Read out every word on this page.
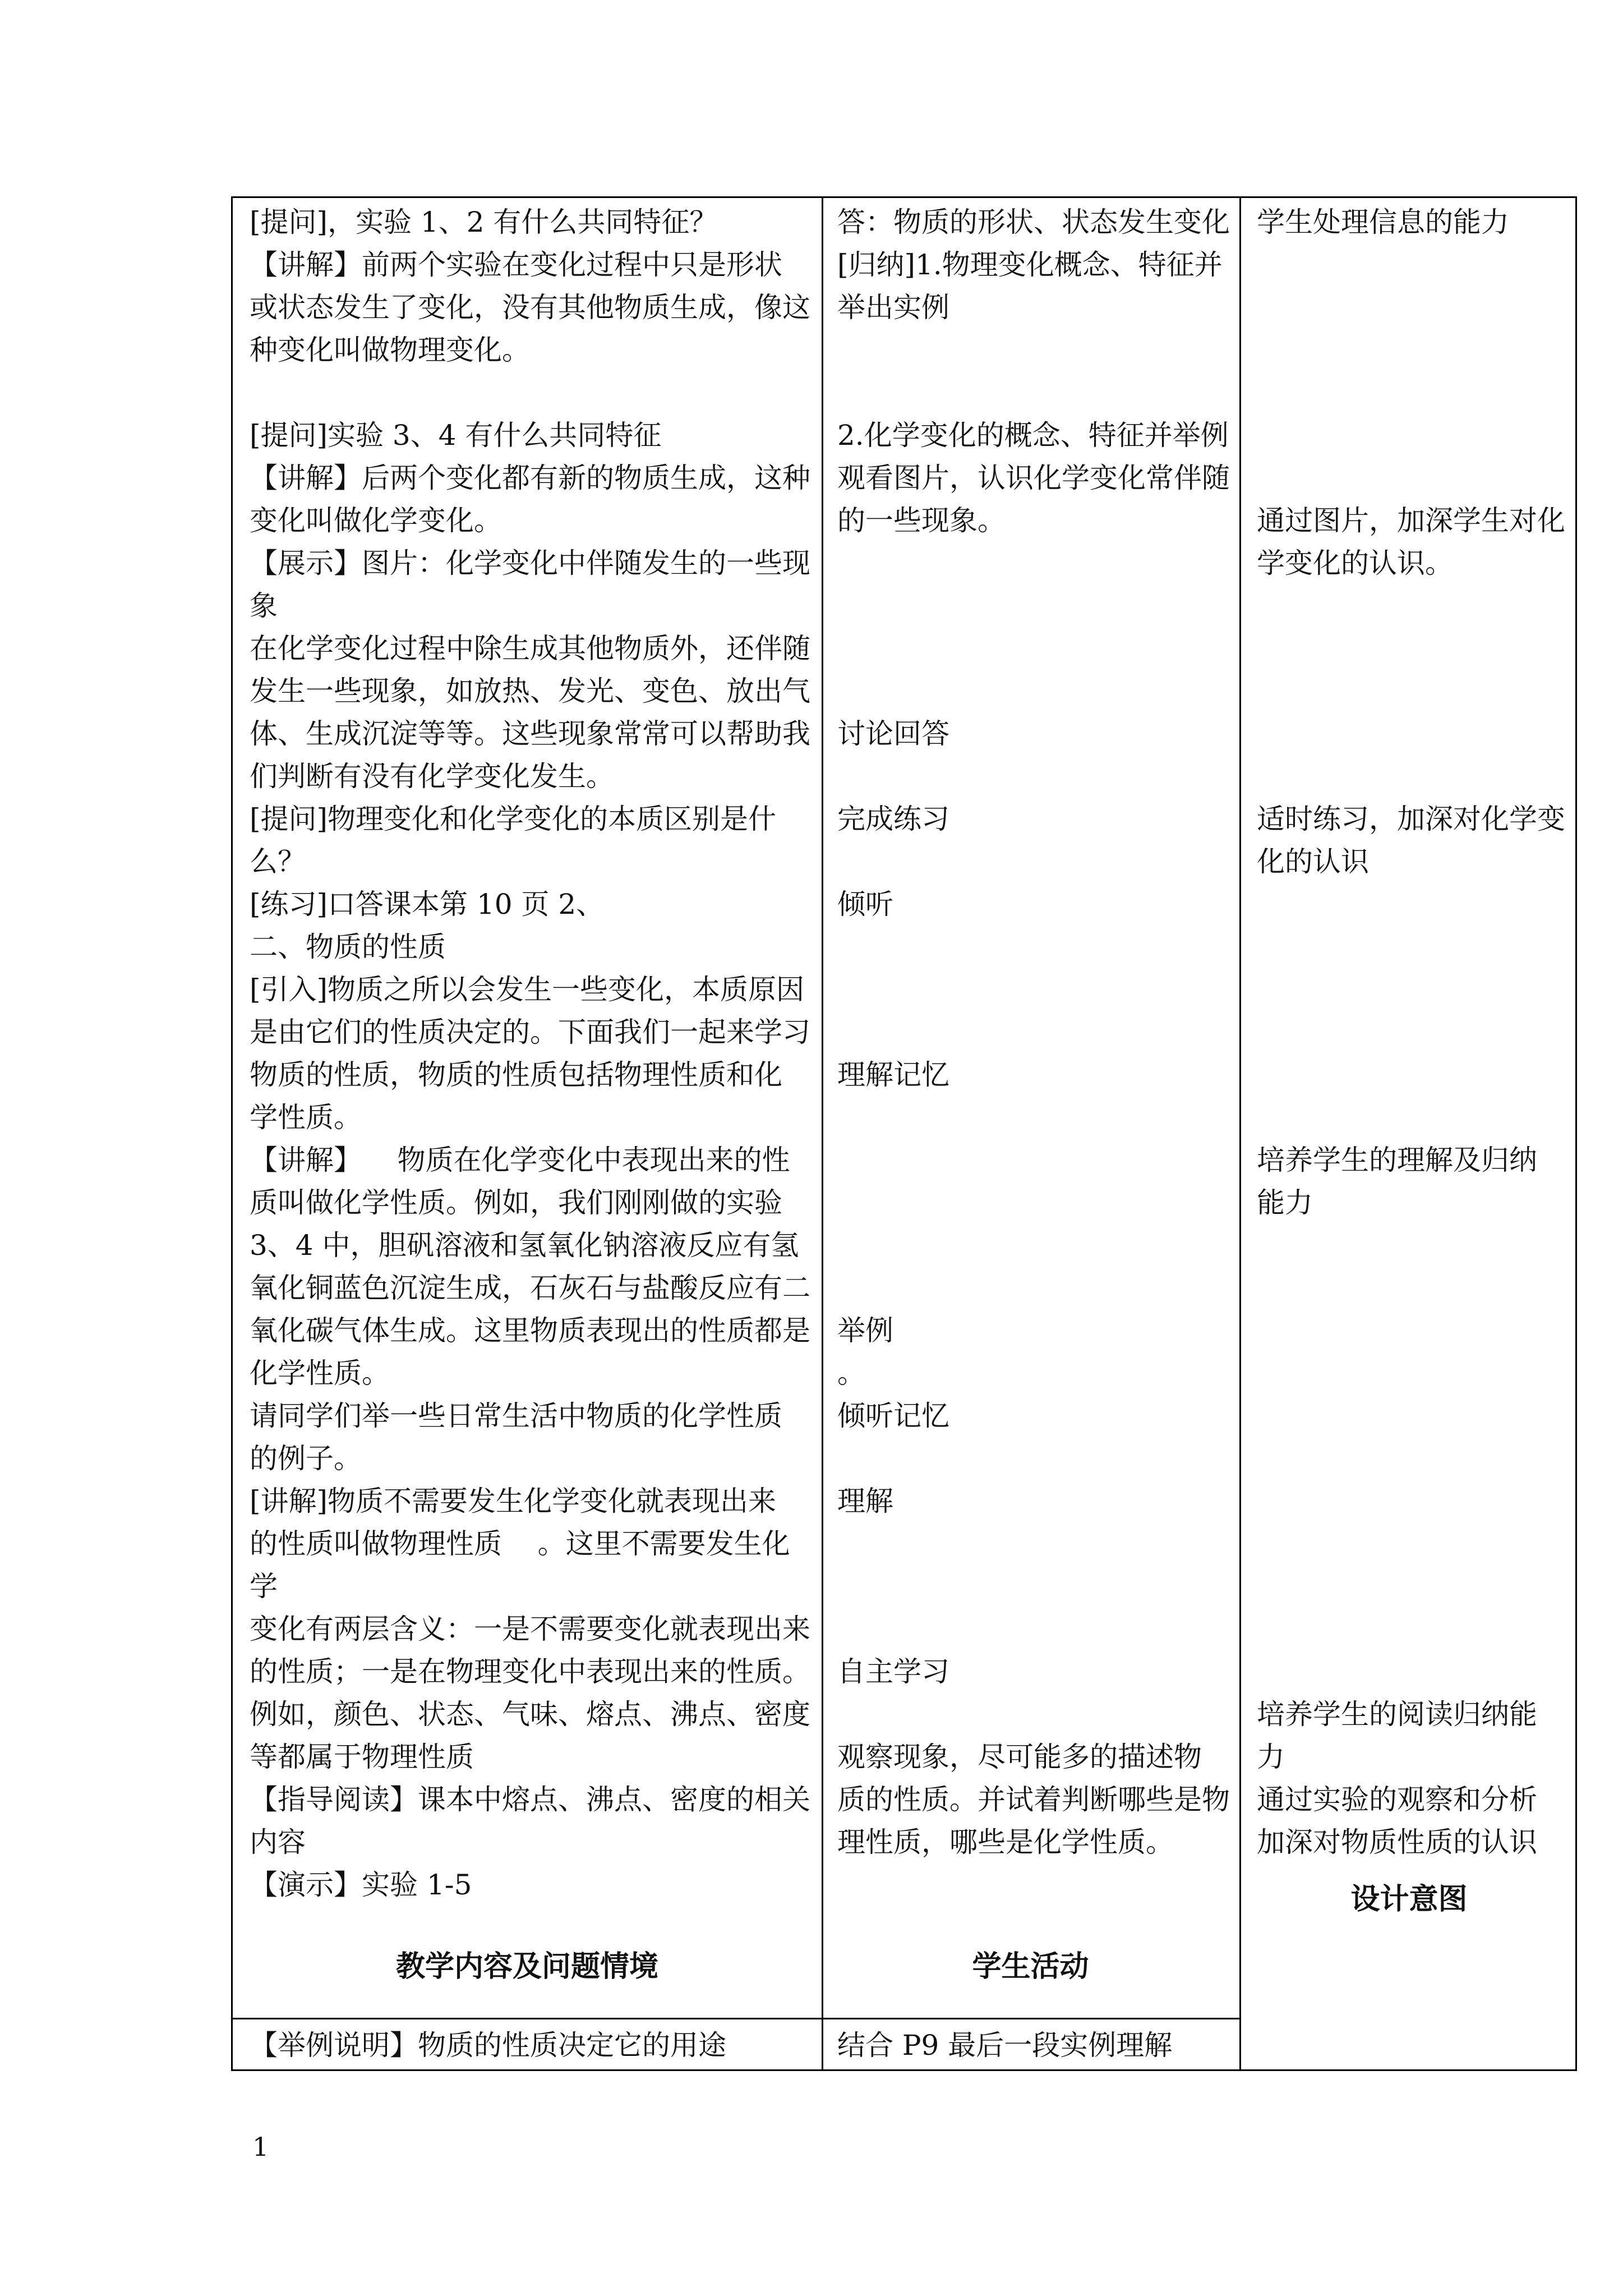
[提问]，实验 1、2 有什么共同特征？

【讲解】前两个实验在变化过程中只是形状

或状态发生了变化，没有其他物质生成，像这

种变化叫做物理变化。

[提问]实验 3、4 有什么共同特征

【讲解】后两个变化都有新的物质生成，这种

变化叫做化学变化。

【展示】图片：化学变化中伴随发生的一些现

象

在化学变化过程中除生成其他物质外，还伴随

发生一些现象，如放热、发光、变色、放出气

体、生成沉淀等等。这些现象常常可以帮助我

们判断有没有化学变化发生。

[提问]物理变化和化学变化的本质区别是什

么？

[练习]口答课本第 10 页 2、

二、物质的性质

[引入]物质之所以会发生一些变化，本质原因

是由它们的性质决定的。下面我们一起来学习

物质的性质，物质的性质包括物理性质和化

学性质。

【讲解】    物质在化学变化中表现出来的性

质叫做化学性质。例如，我们刚刚做的实验

3、4 中，胆矾溶液和氢氧化钠溶液反应有氢

氧化铜蓝色沉淀生成，石灰石与盐酸反应有二

氧化碳气体生成。这里物质表现出的性质都是

化学性质。

请同学们举一些日常生活中物质的化学性质

的例子。

[讲解]物质不需要发生化学变化就表现出来

的性质叫做物理性质    。这里不需要发生化学

变化有两层含义：一是不需要变化就表现出来

的性质；一是在物理变化中表现出来的性质。

例如，颜色、状态、气味、熔点、沸点、密度

等都属于物理性质

【指导阅读】课本中熔点、沸点、密度的相关

内容

【演示】实验 1-5

答：物质的形状、状态发生变化

[归纳]1.物理变化概念、特征并

举出实例

2.化学变化的概念、特征并举例

观看图片，认识化学变化常伴随

的一些现象。

讨论回答

完成练习

倾听

理解记忆

举例

。

倾听记忆

理解

自主学习

观察现象，尽可能多的描述物

质的性质。并试着判断哪些是物

理性质，哪些是化学性质。

学生处理信息的能力

通过图片，加深学生对化

学变化的认识。

适时练习，加深对化学变

化的认识

培养学生的理解及归纳

能力

培养学生的阅读归纳能

力

通过实验的观察和分析

加深对物质性质的认识

教学内容及问题情境	学生活动
设计意图
【举例说明】物质的性质决定它的用途	结合 P9 最后一段实例理解
1
